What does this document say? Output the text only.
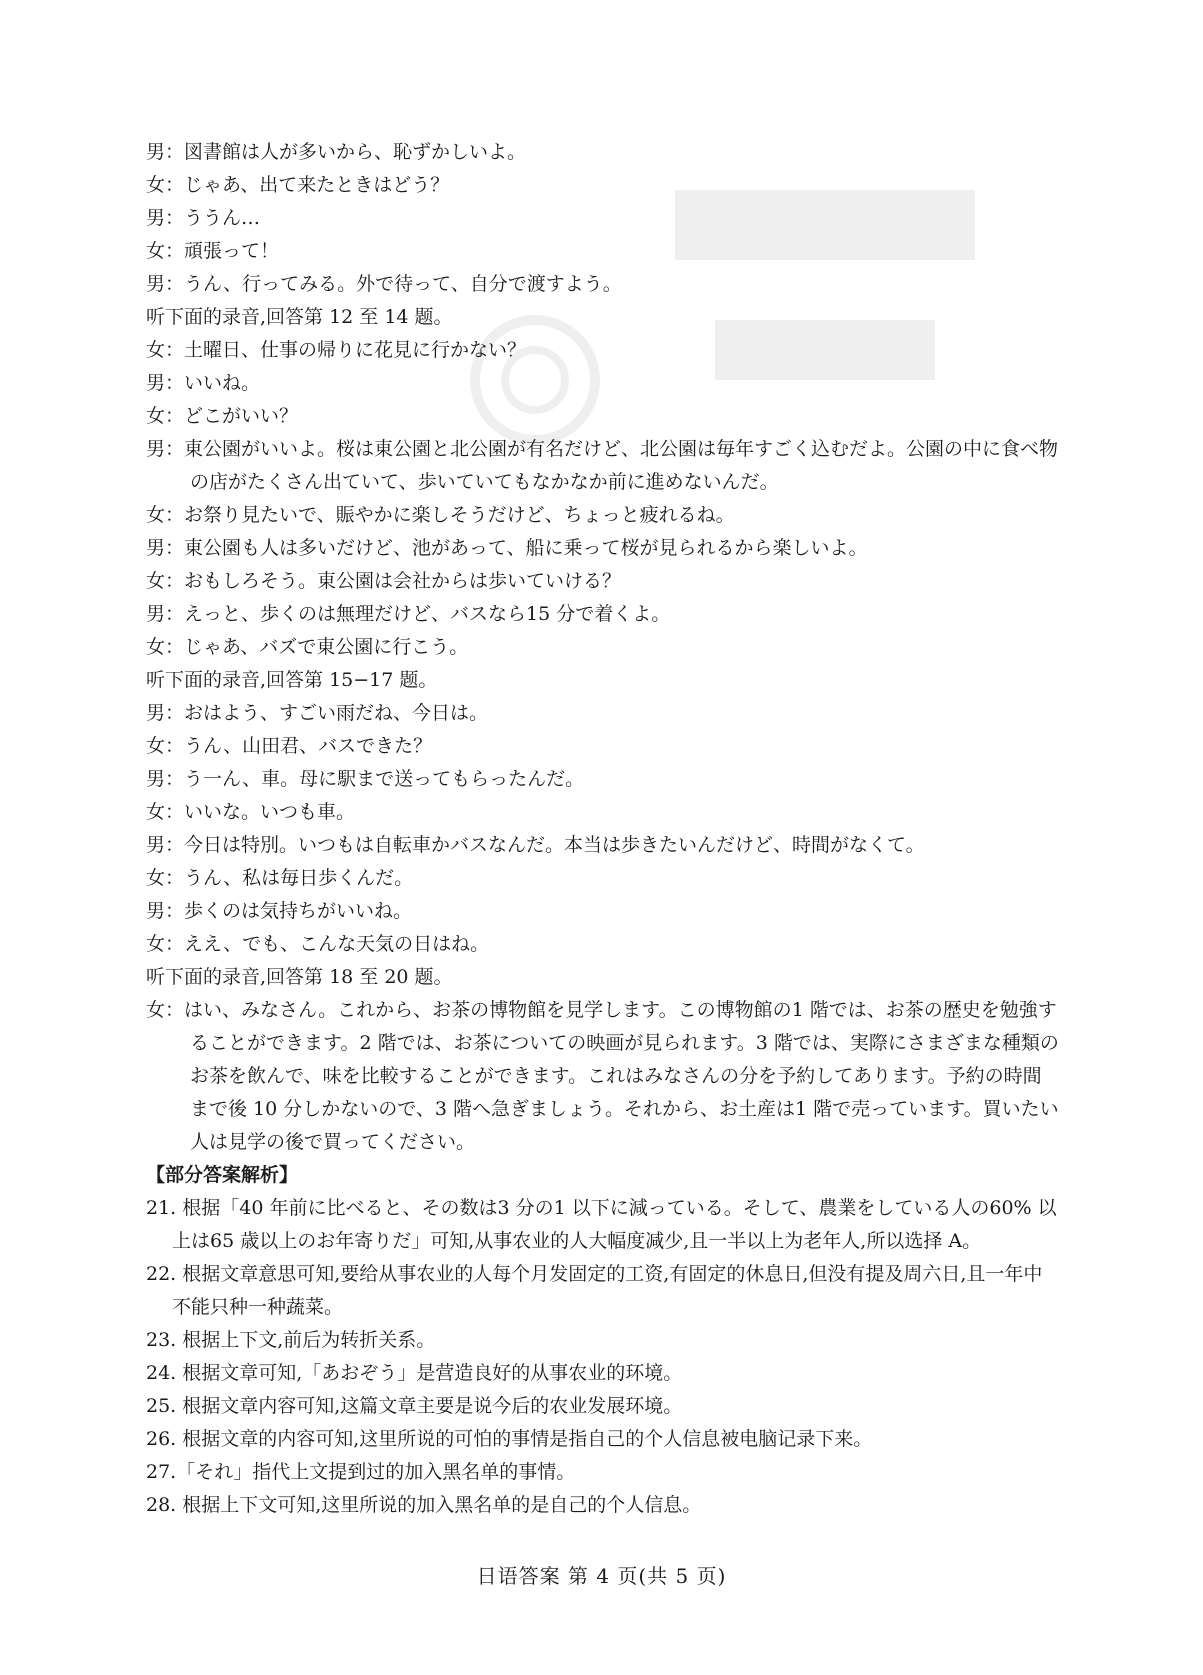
男：図書館は人が多いから、恥ずかしいよ。
女：じゃあ、出て来たときはどう？
男：ううん…
女：頑張って！
男：うん、行ってみる。外で待って、自分で渡すよう。
听下面的录音,回答第 12 至 14 题。
女：土曜日、仕事の帰りに花見に行かない？
男：いいね。
女：どこがいい？
男：東公園がいいよ。桜は東公園と北公園が有名だけど、北公園は毎年すごく込むだよ。公園の中に食べ物の店がたくさん出ていて、歩いていてもなかなか前に進めないんだ。
女：お祭り見たいで、賑やかに楽しそうだけど、ちょっと疲れるね。
男：東公園も人は多いだけど、池があって、船に乗って桜が見られるから楽しいよ。
女：おもしろそう。東公園は会社からは歩いていける？
男：えっと、歩くのは無理だけど、バスなら15 分で着くよ。
女：じゃあ、バズで東公園に行こう。
听下面的录音,回答第 15−17 题。
男：おはよう、すごい雨だね、今日は。
女：うん、山田君、バスできた？
男：う一ん、車。母に駅まで送ってもらったんだ。
女：いいな。いつも車。
男：今日は特別。いつもは自転車かバスなんだ。本当は歩きたいんだけど、時間がなくて。
女：うん、私は毎日歩くんだ。
男：歩くのは気持ちがいいね。
女：ええ、でも、こんな天気の日はね。
听下面的录音,回答第 18 至 20 题。
女：はい、みなさん。これから、お茶の博物館を見学します。この博物館の1 階では、お茶の歴史を勉強することができます。2 階では、お茶についての映画が見られます。3 階では、実際にさまざまな種類のお茶を飲んで、味を比較することができます。これはみなさんの分を予約してあります。予約の時間まで後 10 分しかないので、3 階へ急ぎましょう。それから、お土産は1 階で売っています。買いたい人は見学の後で買ってください。
【部分答案解析】
21. 根据「40 年前に比べると、その数は3 分の1 以下に減っている。そして、農業をしている人の60% 以上は65 歳以上のお年寄りだ」可知,从事农业的人大幅度减少,且一半以上为老年人,所以选择 A。
22. 根据文章意思可知,要给从事农业的人每个月发固定的工资,有固定的休息日,但没有提及周六日,且一年中不能只种一种蔬菜。
23. 根据上下文,前后为转折关系。
24. 根据文章可知,「あおぞう」是营造良好的从事农业的环境。
25. 根据文章内容可知,这篇文章主要是说今后的农业发展环境。
26. 根据文章的内容可知,这里所说的可怕的事情是指自己的个人信息被电脑记录下来。
27.「それ」指代上文提到过的加入黑名单的事情。
28. 根据上下文可知,这里所说的加入黑名单的是自己的个人信息。
日语答案 第 4 页(共 5 页)
